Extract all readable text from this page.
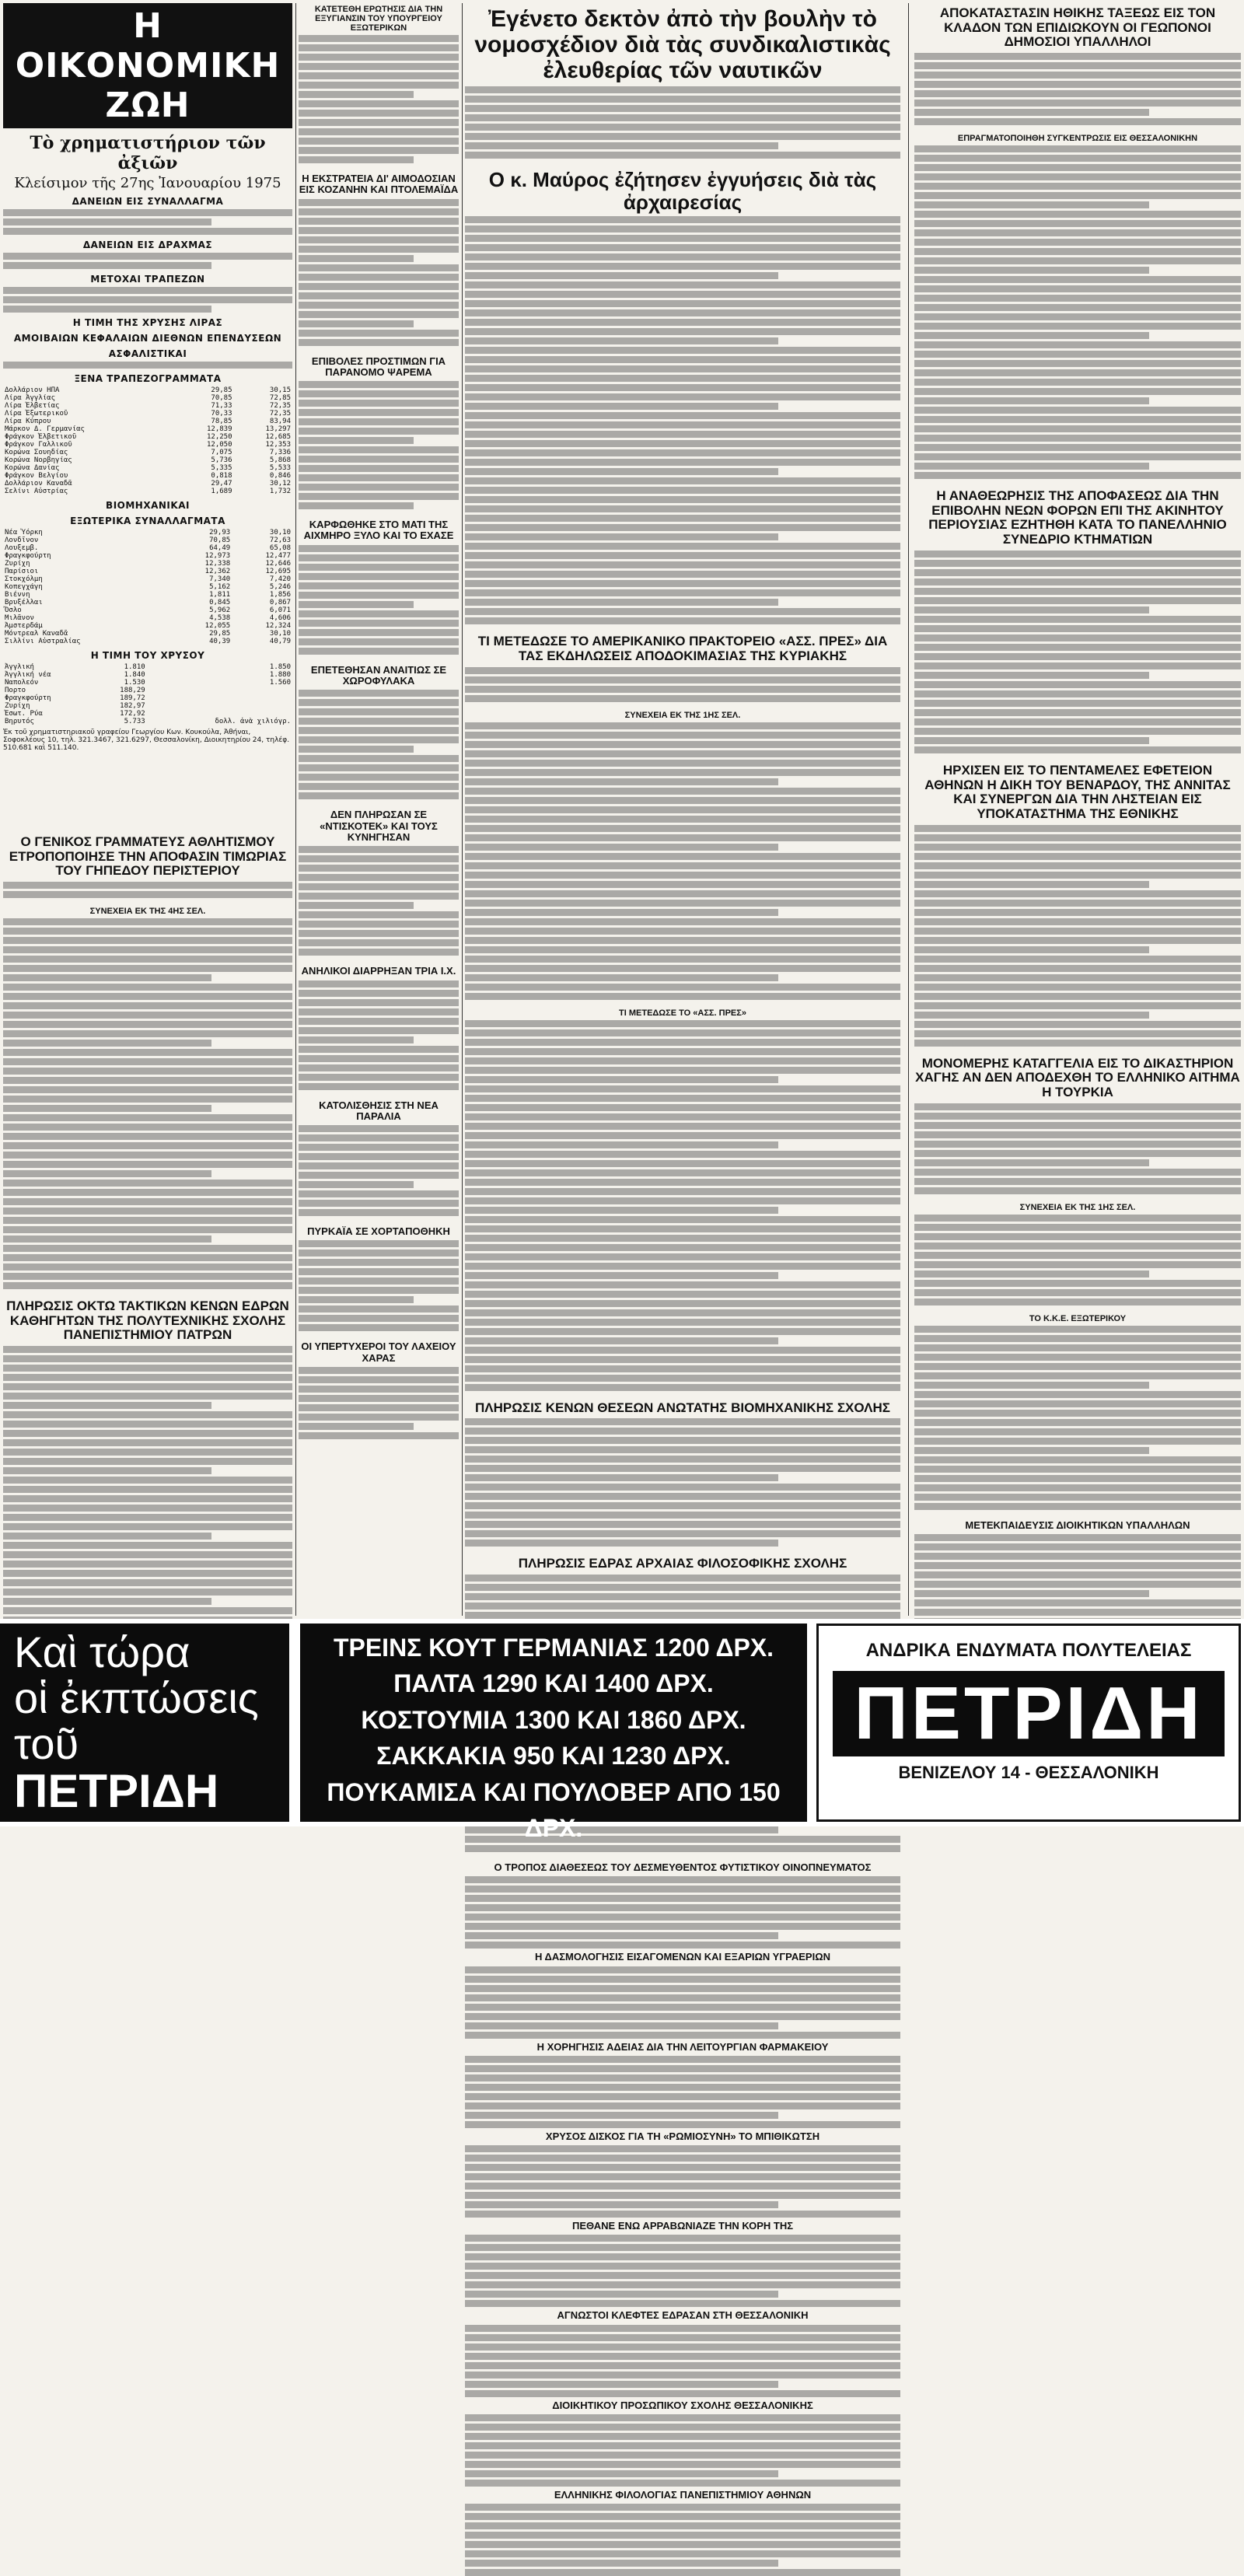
Η ΟΙΚΟΝΟΜΙΚΗ ΖΩΗ
Τὸ χρηματιστήριον τῶν ἀξιῶν
Κλείσιμον τῆς 27ης Ἰανουαρίου 1975
ΔΑΝΕΙΩΝ ΕΙΣ ΣΥΝΑΛΛΑΓΜΑ
ΔΑΝΕΙΩΝ ΕΙΣ ΔΡΑΧΜΑΣ
ΜΕΤΟΧΑΙ ΤΡΑΠΕΖΩΝ
Η ΤΙΜΗ ΤΗΣ ΧΡΥΣΗΣ ΛΙΡΑΣ
ΑΜΟΙΒΑΙΩΝ ΚΕΦΑΛΑΙΩΝ ΔΙΕΘΝΩΝ ΕΠΕΝΔΥΣΕΩΝ
ΑΣΦΑΛΙΣΤΙΚΑΙ
ΞΕΝΑ ΤΡΑΠΕΖΟΓΡΑΜΜΑΤΑ
Δολλάριον ΗΠΑ	29,85	30,15
Λίρα Ἀγγλίας	70,85	72,85
Λίρα Ἑλβετίας	71,33	72,35
Λίρα Ἐξωτερικοῦ	70,33	72,35
Λίρα Κύπρου	78,85	83,94
Μάρκον Δ. Γερμανίας	12,839	13,297
Φράγκον Ἑλβετικοῦ	12,250	12,685
Φράγκον Γαλλικοῦ	12,050	12,353
Κορώνα Σουηδίας	7,075	7,336
Κορώνα Νορβηγίας	5,736	5,868
Κορώνα Δανίας	5,335	5,533
Φράγκον Βελγίου	0,818	0,846
Δολλάριον Καναδᾶ	29,47	30,12
Σελίνι Αὐστρίας	1,689	1,732
ΒΙΟΜΗΧΑΝΙΚΑΙ
ΕΞΩΤΕΡΙΚΑ ΣΥΝΑΛΛΑΓΜΑΤΑ
Νέα Ὑόρκη	29,93	30,10
Λονδῖνον	70,85	72,63
Λουξεμβ.	64,49	65,08
Φραγκφούρτη	12,973	12,477
Ζυρίχη	12,338	12,646
Παρίσιοι	12,362	12,695
Στοκχόλμη	7,340	7,420
Κοπεγχάγη	5,162	5,246
Βιέννη	1,811	1,856
Βρυξέλλαι	0,845	0,867
Ὄσλο	5,962	6,071
Μιλᾶνον	4,538	4,606
Ἀμστερδάμ	12,055	12,324
Μόντρεαλ Καναδᾶ	29,85	30,10
Σιλλίνι Αὐστραλίας	40,39	40,79
Η ΤΙΜΗ ΤΟΥ ΧΡΥΣΟΥ
Ἀγγλική	1.810	1.850
Ἀγγλική νέα	1.840	1.880
Ναπολεόν	1.530	1.560
Πορτο	188,29	
Φραγκφούρτη	189,72	
Ζυρίχη	182,97	
Ἐσωτ. Ρύα	172,92	
Βηρυτός	5.733	δολλ. ἀνὰ χιλιόγρ.
Ἐκ τοῦ χρηματιστηριακοῦ γραφείου Γεωργίου Κων. Κουκούλα, Ἀθήναι, Σοφοκλέους 10, τηλ. 321.3467, 321.6297, Θεσσαλονίκη, Διοικητηρίου 24, τηλέφ. 510.681 καὶ 511.140.
Ο ΓΕΝΙΚΟΣ ΓΡΑΜΜΑΤΕΥΣ ΑΘΛΗΤΙΣΜΟΥ ΕΤΡΟΠΟΠΟΙΗΣΕ ΤΗΝ ΑΠΟΦΑΣΙΝ ΤΙΜΩΡΙΑΣ ΤΟΥ ΓΗΠΕΔΟΥ ΠΕΡΙΣΤΕΡΙΟΥ
ΣΥΝΕΧΕΙΑ ΕΚ ΤΗΣ 4ΗΣ ΣΕΛ.
ΠΛΗΡΩΣΙΣ ΟΚΤΩ ΤΑΚΤΙΚΩΝ ΚΕΝΩΝ ΕΔΡΩΝ ΚΑΘΗΓΗΤΩΝ ΤΗΣ ΠΟΛΥΤΕΧΝΙΚΗΣ ΣΧΟΛΗΣ ΠΑΝΕΠΙΣΤΗΜΙΟΥ ΠΑΤΡΩΝ
ΚΑΤΕΤΕΘΗ ΕΡΩΤΗΣΙΣ ΔΙΑ ΤΗΝ ΕΞΥΓΙΑΝΣΙΝ ΤΟΥ ΥΠΟΥΡΓΕΙΟΥ ΕΞΩΤΕΡΙΚΩΝ
Η ΕΚΣΤΡΑΤΕΙΑ ΔΙ' ΑΙΜΟΔΟΣΙΑΝ ΕΙΣ ΚΟΖΑΝΗΝ ΚΑΙ ΠΤΟΛΕΜΑΪΔΑ
ΕΠΙΒΟΛΕΣ ΠΡΟΣΤΙΜΩΝ ΓΙΑ ΠΑΡΑΝΟΜΟ ΨΑΡΕΜΑ
ΚΑΡΦΩΘΗΚΕ ΣΤΟ ΜΑΤΙ ΤΗΣ ΑΙΧΜΗΡΟ ΞΥΛΟ ΚΑΙ ΤΟ ΕΧΑΣΕ
ΕΠΕΤΕΘΗΣΑΝ ΑΝΑΙΤΙΩΣ ΣΕ ΧΩΡΟΦΥΛΑΚΑ
ΔΕΝ ΠΛΗΡΩΣΑΝ ΣΕ «ΝΤΙΣΚΟΤΕΚ» ΚΑΙ ΤΟΥΣ ΚΥΝΗΓΗΣΑΝ
ΑΝΗΛΙΚΟΙ ΔΙΑΡΡΗΞΑΝ ΤΡΙΑ Ι.Χ.
ΚΑΤΟΛΙΣΘΗΣΙΣ ΣΤΗ ΝΕΑ ΠΑΡΑΛΙΑ
ΠΥΡΚΑΪΑ ΣΕ ΧΟΡΤΑΠΟΘΗΚΗ
ΟΙ ΥΠΕΡΤΥΧΕΡΟΙ ΤΟΥ ΛΑΧΕΙΟΥ ΧΑΡΑΣ
Ἐγένετο δεκτὸν ἀπὸ τὴν βουλὴν τὸ νομοσχέδιον διὰ τὰς συνδικαλιστικὰς ἐλευθερίας τῶν ναυτικῶν
Ο κ. Μαύρος ἐζήτησεν ἐγγυήσεις διὰ τὰς ἀρχαιρεσίας
ΤΙ ΜΕΤΕΔΩΣΕ ΤΟ ΑΜΕΡΙΚΑΝΙΚΟ ΠΡΑΚΤΟΡΕΙΟ «ΑΣΣ. ΠΡΕΣ» ΔΙΑ ΤΑΣ ΕΚΔΗΛΩΣΕΙΣ ΑΠΟΔΟΚΙΜΑΣΙΑΣ ΤΗΣ ΚΥΡΙΑΚΗΣ
ΣΥΝΕΧΕΙΑ ΕΚ ΤΗΣ 1ΗΣ ΣΕΛ.
ΤΙ ΜΕΤΕΔΩΣΕ ΤΟ «ΑΣΣ. ΠΡΕΣ»
ΠΛΗΡΩΣΙΣ ΚΕΝΩΝ ΘΕΣΕΩΝ ΑΝΩΤΑΤΗΣ ΒΙΟΜΗΧΑΝΙΚΗΣ ΣΧΟΛΗΣ
ΠΛΗΡΩΣΙΣ ΕΔΡΑΣ ΑΡΧΑΙΑΣ ΦΙΛΟΣΟΦΙΚΗΣ ΣΧΟΛΗΣ
Ο ΤΡΟΠΟΣ ΔΙΑΘΕΣΕΩΣ ΤΟΥ ΔΕΣΜΕΥΘΕΝΤΟΣ ΦΥΤΙΣΤΙΚΟΥ ΟΙΝΟΠΝΕΥΜΑΤΟΣ
Η ΔΑΣΜΟΛΟΓΗΣΙΣ ΕΙΣΑΓΟΜΕΝΩΝ ΚΑΙ ΕΞΑΡΙΩΝ ΥΓΡΑΕΡΙΩΝ
Η ΧΟΡΗΓΗΣΙΣ ΑΔΕΙΑΣ ΔΙΑ ΤΗΝ ΛΕΙΤΟΥΡΓΙΑΝ ΦΑΡΜΑΚΕΙΟΥ
ΧΡΥΣΟΣ ΔΙΣΚΟΣ ΓΙΑ ΤΗ «ΡΩΜΙΟΣΥΝΗ» ΤΟ ΜΠΙΘΙΚΩΤΣΗ
ΠΕΘΑΝΕ ΕΝΩ ΑΡΡΑΒΩΝΙΑΖΕ ΤΗΝ ΚΟΡΗ ΤΗΣ
ΑΓΝΩΣΤΟΙ ΚΛΕΦΤΕΣ ΕΔΡΑΣΑΝ ΣΤΗ ΘΕΣΣΑΛΟΝΙΚΗ
ΔΙΟΙΚΗΤΙΚΟΥ ΠΡΟΣΩΠΙΚΟΥ ΣΧΟΛΗΣ ΘΕΣΣΑΛΟΝΙΚΗΣ
ΕΛΛΗΝΙΚΗΣ ΦΙΛΟΛΟΓΙΑΣ ΠΑΝΕΠΙΣΤΗΜΙΟΥ ΑΘΗΝΩΝ
ΑΠΟΚΑΤΑΣΤΑΣΙΝ ΗΘΙΚΗΣ ΤΑΞΕΩΣ ΕΙΣ ΤΟΝ ΚΛΑΔΟΝ ΤΩΝ ΕΠΙΔΙΩΚΟΥΝ ΟΙ ΓΕΩΠΟΝΟΙ ΔΗΜΟΣΙΟΙ ΥΠΑΛΛΗΛΟΙ
ΕΠΡΑΓΜΑΤΟΠΟΙΗΘΗ ΣΥΓΚΕΝΤΡΩΣΙΣ ΕΙΣ ΘΕΣΣΑΛΟΝΙΚΗΝ
Η ΑΝΑΘΕΩΡΗΣΙΣ ΤΗΣ ΑΠΟΦΑΣΕΩΣ ΔΙΑ ΤΗΝ ΕΠΙΒΟΛΗΝ ΝΕΩΝ ΦΟΡΩΝ ΕΠΙ ΤΗΣ ΑΚΙΝΗΤΟΥ ΠΕΡΙΟΥΣΙΑΣ ΕΖΗΤΗΘΗ ΚΑΤΑ ΤΟ ΠΑΝΕΛΛΗΝΙΟ ΣΥΝΕΔΡΙΟ ΚΤΗΜΑΤΙΩΝ
ΗΡΧΙΣΕΝ ΕΙΣ ΤΟ ΠΕΝΤΑΜΕΛΕΣ ΕΦΕΤΕΙΟΝ ΑΘΗΝΩΝ Η ΔΙΚΗ ΤΟΥ ΒΕΝΑΡΔΟΥ, ΤΗΣ ΑΝΝΙΤΑΣ ΚΑΙ ΣΥΝΕΡΓΩΝ ΔΙΑ ΤΗΝ ΛΗΣΤΕΙΑΝ ΕΙΣ ΥΠΟΚΑΤΑΣΤΗΜΑ ΤΗΣ ΕΘΝΙΚΗΣ
ΜΟΝΟΜΕΡΗΣ ΚΑΤΑΓΓΕΛΙΑ ΕΙΣ ΤΟ ΔΙΚΑΣΤΗΡΙΟΝ ΧΑΓΗΣ ΑΝ ΔΕΝ ΑΠΟΔΕΧΘΗ ΤΟ ΕΛΛΗΝΙΚΟ ΑΙΤΗΜΑ Η ΤΟΥΡΚΙΑ
ΣΥΝΕΧΕΙΑ ΕΚ ΤΗΣ 1ΗΣ ΣΕΛ.
ΤΟ Κ.Κ.Ε. ΕΞΩΤΕΡΙΚΟΥ
ΜΕΤΕΚΠΑΙΔΕΥΣΙΣ ΔΙΟΙΚΗΤΙΚΩΝ ΥΠΑΛΛΗΛΩΝ
Καὶ τώρα
οἱ ἐκπτώσεις
τοῦ ΠΕΤΡΙΔΗ
ΤΡΕΙΝΣ ΚΟΥΤ ΓΕΡΜΑΝΙΑΣ 1200 ΔΡΧ.
ΠΑΛΤΑ 1290 ΚΑΙ 1400 ΔΡΧ.
ΚΟΣΤΟΥΜΙΑ 1300 ΚΑΙ 1860 ΔΡΧ.
ΣΑΚΚΑΚΙΑ 950 ΚΑΙ 1230 ΔΡΧ.
ΠΟΥΚΑΜΙΣΑ ΚΑΙ ΠΟΥΛΟΒΕΡ ΑΠΟ 150 ΔΡΧ.
ΑΝΔΡΙΚΑ ΕΝΔΥΜΑΤΑ ΠΟΛΥΤΕΛΕΙΑΣ
ΠΕΤΡΙΔΗ
ΒΕΝΙΖΕΛΟΥ 14 - ΘΕΣΣΑΛΟΝΙΚΗ
